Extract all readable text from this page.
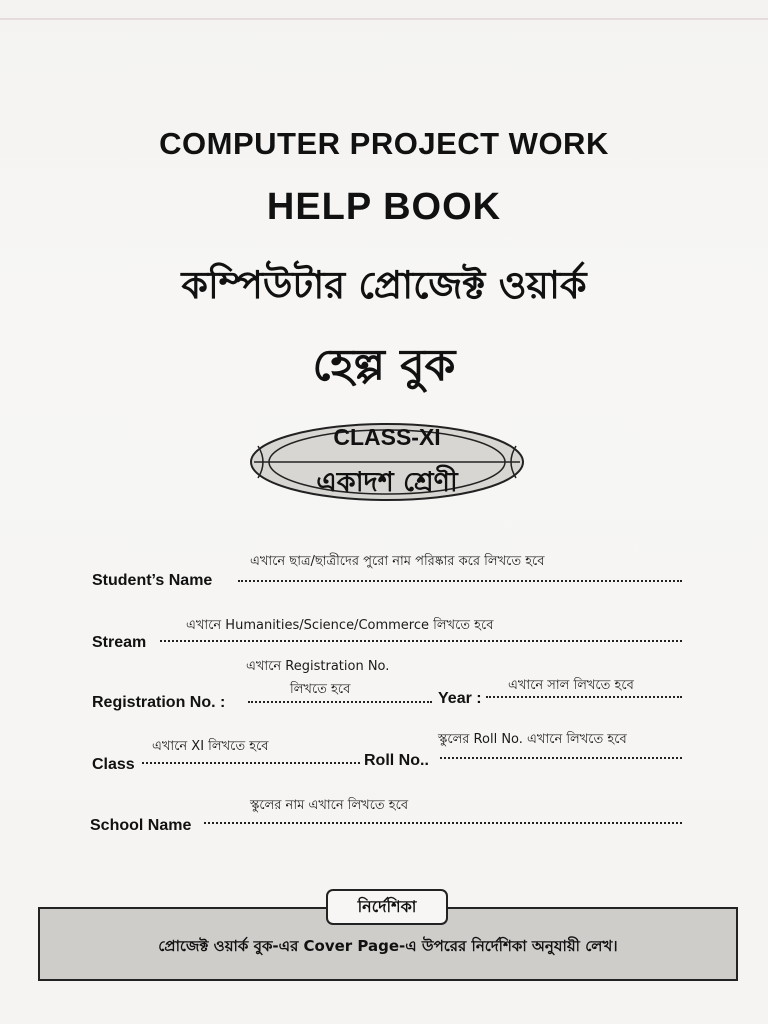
COMPUTER PROJECT WORK
HELP BOOK
কম্পিউটার প্রোজেক্ট ওয়ার্ক
হেল্প বুক
CLASS-XI
একাদশ শ্রেণী
এখানে ছাত্র/ছাত্রীদের পুরো নাম পরিষ্কার করে লিখতে হবে
Student’s Name
এখানে Humanities/Science/Commerce লিখতে হবে
Stream
এখানে Registration No.
লিখতে হবে
Registration No. :
এখানে সাল লিখতে হবে
Year :
এখানে XI লিখতে হবে
Class
স্কুলের Roll No. এখানে লিখতে হবে
Roll No..
স্কুলের নাম এখানে লিখতে হবে
School Name
নির্দেশিকা
প্রোজেক্ট ওয়ার্ক বুক-এর Cover Page-এ উপরের নির্দেশিকা অনুযায়ী লেখ।
